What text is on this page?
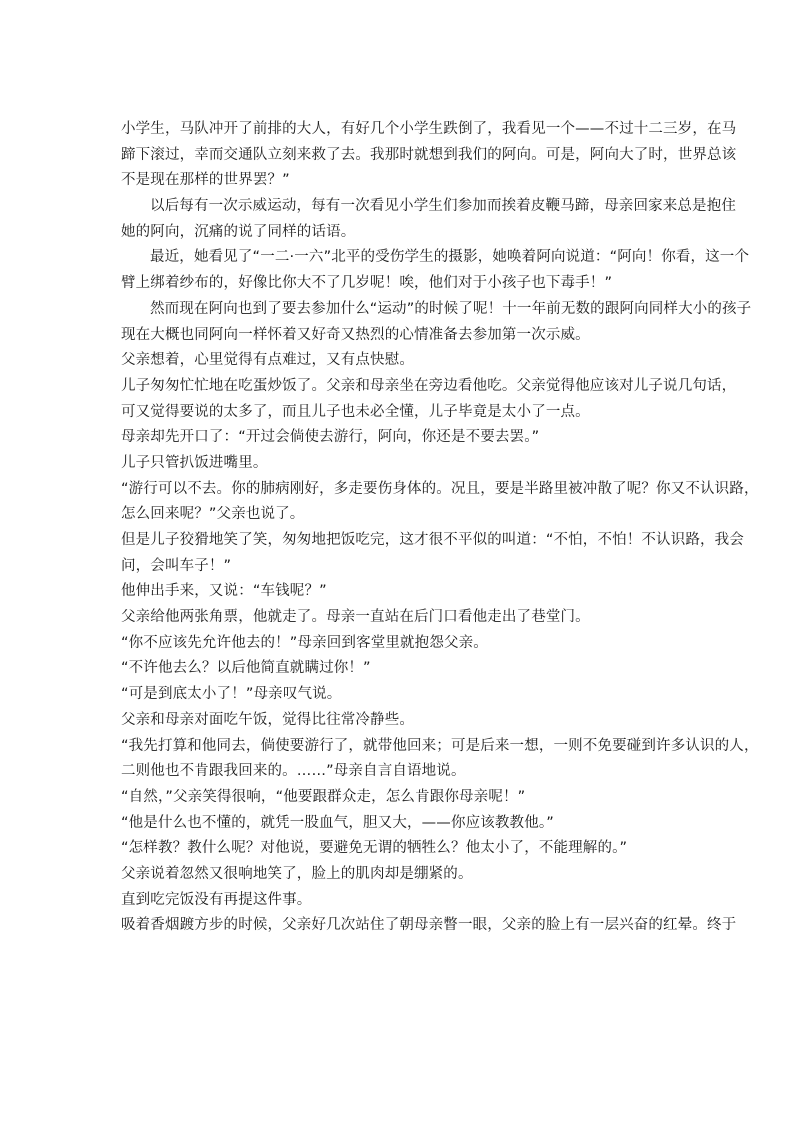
小学生，马队冲开了前排的大人，有好几个小学生跌倒了，我看见一个——不过十二三岁，在马
蹄下滚过，幸而交通队立刻来救了去。我那时就想到我们的阿向。可是，阿向大了时，世界总该
不是现在那样的世界罢？”
以后每有一次示威运动，每有一次看见小学生们参加而挨着皮鞭马蹄，母亲回家来总是抱住
她的阿向，沉痛的说了同样的话语。
最近，她看见了“一二·一六”北平的受伤学生的摄影，她唤着阿向说道：“阿向！你看，这一个
臂上绑着纱布的，好像比你大不了几岁呢！唉，他们对于小孩子也下毒手！”
然而现在阿向也到了要去参加什么“运动”的时候了呢！十一年前无数的跟阿向同样大小的孩子
现在大概也同阿向一样怀着又好奇又热烈的心情准备去参加第一次示威。
父亲想着，心里觉得有点难过，又有点快慰。
儿子匆匆忙忙地在吃蛋炒饭了。父亲和母亲坐在旁边看他吃。父亲觉得他应该对儿子说几句话，
可又觉得要说的太多了，而且儿子也未必全懂，儿子毕竟是太小了一点。
母亲却先开口了：“开过会倘使去游行，阿向，你还是不要去罢。”
儿子只管扒饭进嘴里。
“游行可以不去。你的肺病刚好，多走要伤身体的。况且，要是半路里被冲散了呢？你又不认识路，
怎么回来呢？”父亲也说了。
但是儿子狡猾地笑了笑，匆匆地把饭吃完，这才很不平似的叫道：“不怕，不怕！不认识路，我会
问，会叫车子！”
他伸出手来，又说：“车钱呢？”
父亲给他两张角票，他就走了。母亲一直站在后门口看他走出了巷堂门。
“你不应该先允许他去的！”母亲回到客堂里就抱怨父亲。
“不许他去么？以后他简直就瞒过你！”
“可是到底太小了！”母亲叹气说。
父亲和母亲对面吃午饭，觉得比往常冷静些。
“我先打算和他同去，倘使要游行了，就带他回来；可是后来一想，一则不免要碰到许多认识的人，
二则他也不肯跟我回来的。……”母亲自言自语地说。
“自然，”父亲笑得很响，“他要跟群众走，怎么肯跟你母亲呢！”
“他是什么也不懂的，就凭一股血气，胆又大，——你应该教教他。”
“怎样教？教什么呢？对他说，要避免无谓的牺牲么？他太小了，不能理解的。”
父亲说着忽然又很响地笑了，脸上的肌肉却是绷紧的。
直到吃完饭没有再提这件事。
吸着香烟踱方步的时候，父亲好几次站住了朝母亲瞥一眼，父亲的脸上有一层兴奋的红晕。终于
